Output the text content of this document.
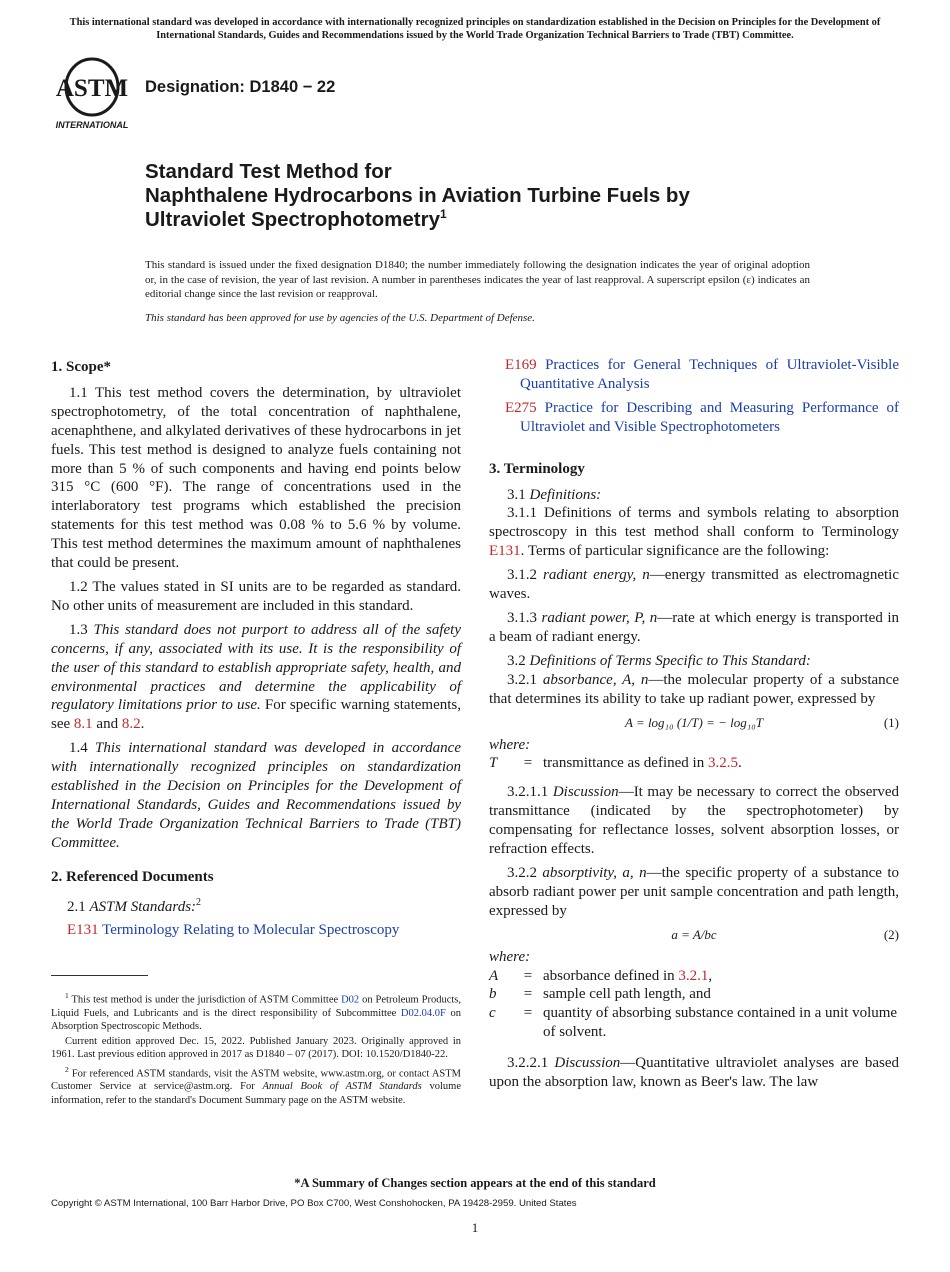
This international standard was developed in accordance with internationally recognized principles on standardization established in the Decision on Principles for the Development of International Standards, Guides and Recommendations issued by the World Trade Organization Technical Barriers to Trade (TBT) Committee.
ASTM
INTERNATIONAL
Designation: D1840 − 22
Standard Test Method for
Naphthalene Hydrocarbons in Aviation Turbine Fuels by
Ultraviolet Spectrophotometry$^1$
This standard is issued under the fixed designation D1840; the number immediately following the designation indicates the year of original adoption or, in the case of revision, the year of last revision. A number in parentheses indicates the year of last reapproval. A superscript epsilon (ε) indicates an editorial change since the last revision or reapproval.
This standard has been approved for use by agencies of the U.S. Department of Defense.
1. Scope*

1.1 This test method covers the determination, by ultraviolet spectrophotometry, of the total concentration of naphthalene, acenaphthene, and alkylated derivatives of these hydrocarbons in jet fuels. This test method is designed to analyze fuels containing not more than 5 % of such components and having end points below 315 °C (600 °F). The range of concentrations used in the interlaboratory test programs which established the precision statements for this test method was 0.08 % to 5.6 % by volume. This test method determines the maximum amount of naphthalenes that could be present.

1.2 The values stated in SI units are to be regarded as standard. No other units of measurement are included in this standard.

1.3 This standard does not purport to address all of the safety concerns, if any, associated with its use. It is the responsibility of the user of this standard to establish appropriate safety, health, and environmental practices and determine the applicability of regulatory limitations prior to use. For specific warning statements, see 8.1 and 8.2.

1.4 This international standard was developed in accordance with internationally recognized principles on standardization established in the Decision on Principles for the Development of International Standards, Guides and Recommendations issued by the World Trade Organization Technical Barriers to Trade (TBT) Committee.

2. Referenced Documents

2.1 ASTM Standards:$^2$

E131 Terminology Relating to Molecular Spectroscopy

E169 Practices for General Techniques of Ultraviolet-Visible Quantitative Analysis

E275 Practice for Describing and Measuring Performance of Ultraviolet and Visible Spectrophotometers

3. Terminology

3.1 Definitions:

3.1.1 Definitions of terms and symbols relating to absorption spectroscopy in this test method shall conform to Terminology E131. Terms of particular significance are the following:

3.1.2 radiant energy, n—energy transmitted as electromagnetic waves.

3.1.3 radiant power, P, n—rate at which energy is transported in a beam of radiant energy.

3.2 Definitions of Terms Specific to This Standard:

3.2.1 absorbance, A, n—the molecular property of a substance that determines its ability to take up radiant power, expressed by

A = log₁₀ (1/T) = − log₁₀T	(1)
where:
T	= transmittance as defined in 3.2.5.

3.2.1.1 Discussion—It may be necessary to correct the observed transmittance (indicated by the spectrophotometer) by compensating for reflectance losses, solvent absorption losses, or refraction effects.

3.2.2 absorptivity, a, n—the specific property of a substance to absorb radiant power per unit sample concentration and path length, expressed by

a = A/bc	(2)
where:
A	= absorbance defined in 3.2.1,
b	= sample cell path length, and
c	= quantity of absorbing substance contained in a unit volume of solvent.

3.2.2.1 Discussion—Quantitative ultraviolet analyses are based upon the absorption law, known as Beer's law. The law

$^1$ This test method is under the jurisdiction of ASTM Committee D02 on Petroleum Products, Liquid Fuels, and Lubricants and is the direct responsibility of Subcommittee D02.04.0F on Absorption Spectroscopic Methods.

Current edition approved Dec. 15, 2022. Published January 2023. Originally approved in 1961. Last previous edition approved in 2017 as D1840 – 07 (2017). DOI: 10.1520/D1840-22.

$^2$ For referenced ASTM standards, visit the ASTM website, www.astm.org, or contact ASTM Customer Service at service@astm.org. For Annual Book of ASTM Standards volume information, refer to the standard's Document Summary page on the ASTM website.

*A Summary of Changes section appears at the end of this standard
Copyright © ASTM International, 100 Barr Harbor Drive, PO Box C700, West Conshohocken, PA 19428-2959. United States
1
